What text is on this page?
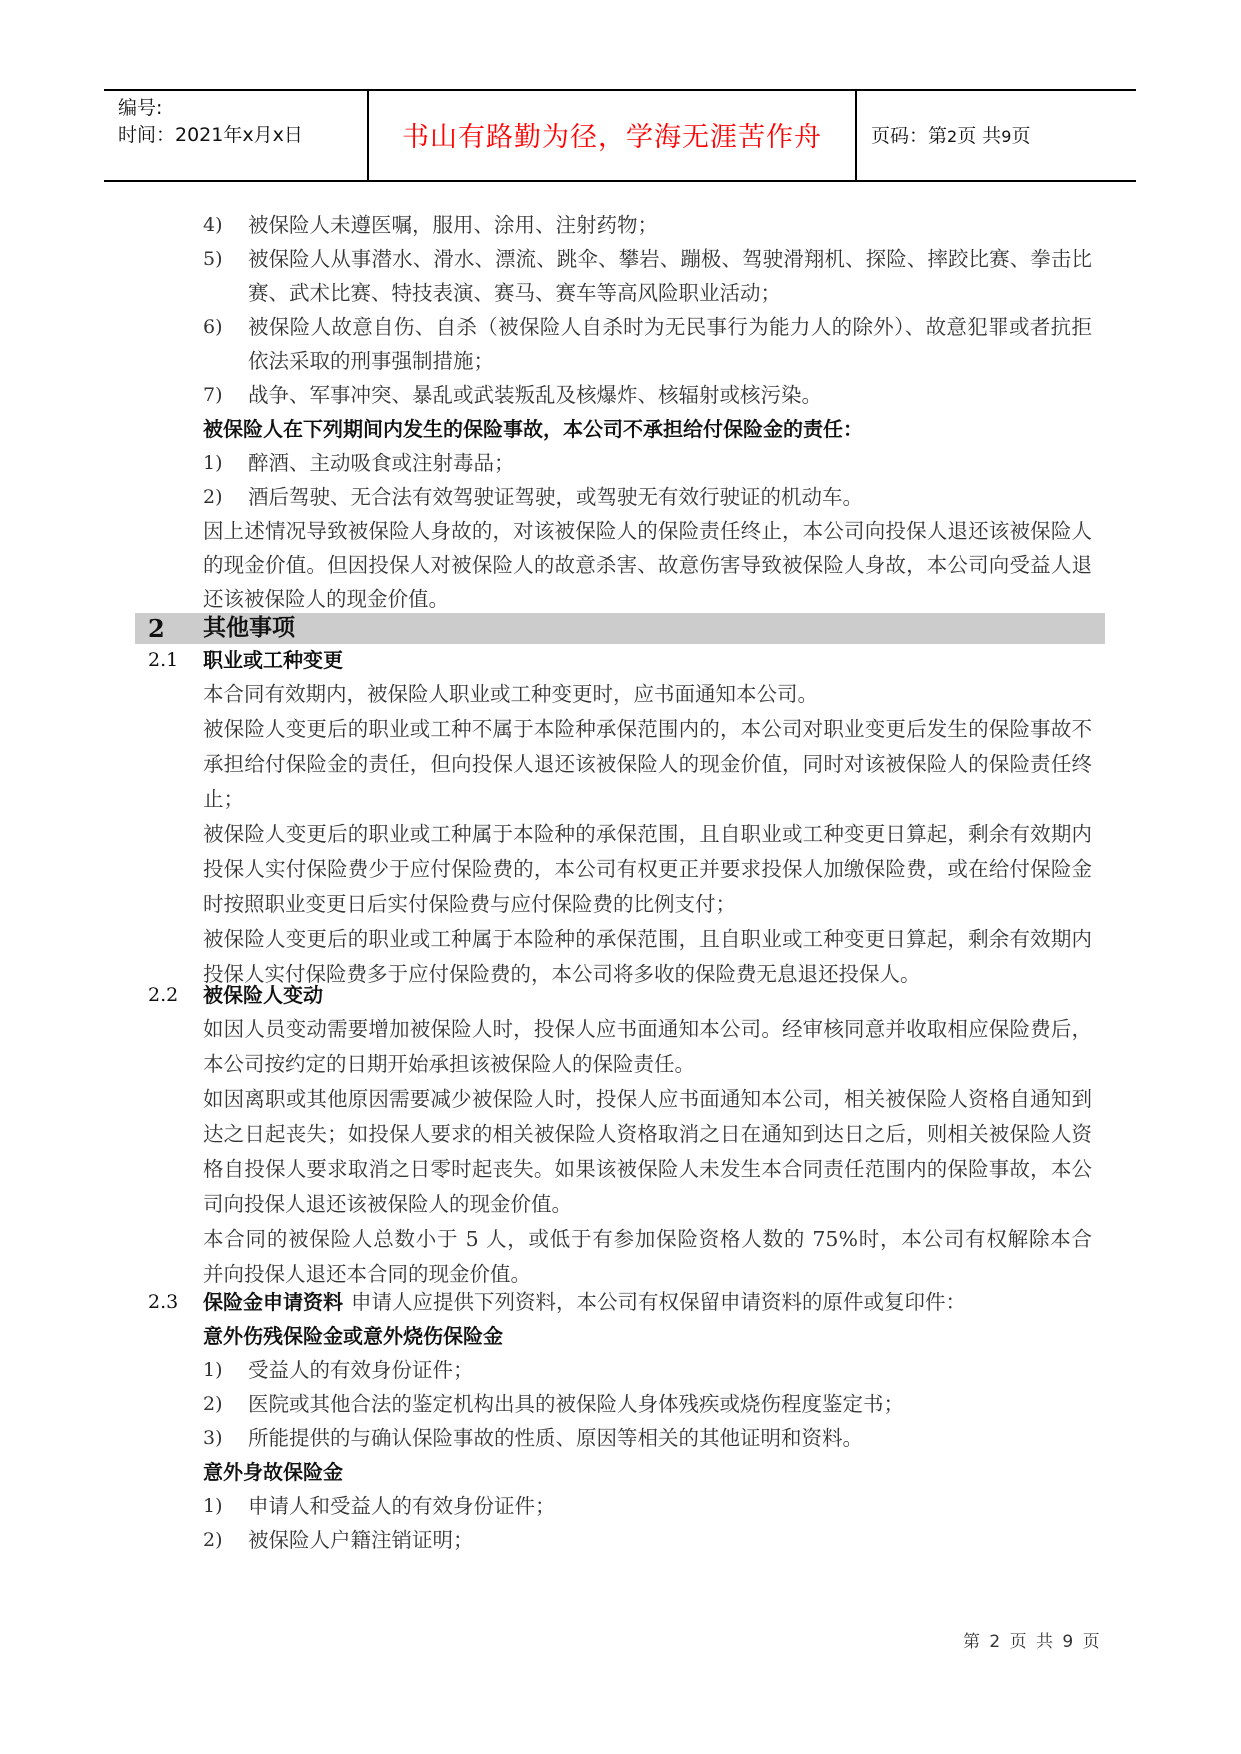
编号:
时间：2021年x月x日	书山有路勤为径，学海无涯苦作舟	页码：第2页 共9页
4) 被保险人未遵医嘱，服用、涂用、注射药物；
5) 被保险人从事潜水、滑水、漂流、跳伞、攀岩、蹦极、驾驶滑翔机、探险、摔跤比赛、拳击比
赛、武术比赛、特技表演、赛马、赛车等高风险职业活动；
6) 被保险人故意自伤、自杀（被保险人自杀时为无民事行为能力人的除外）、故意犯罪或者抗拒
依法采取的刑事强制措施；
7) 战争、军事冲突、暴乱或武装叛乱及核爆炸、核辐射或核污染。
被保险人在下列期间内发生的保险事故，本公司不承担给付保险金的责任：
1) 醉酒、主动吸食或注射毒品；
2) 酒后驾驶、无合法有效驾驶证驾驶，或驾驶无有效行驶证的机动车。
因上述情况导致被保险人身故的，对该被保险人的保险责任终止，本公司向投保人退还该被保险人
的现金价值。但因投保人对被保险人的故意杀害、故意伤害导致被保险人身故，本公司向受益人退
还该被保险人的现金价值。
2 其他事项
2.1 职业或工种变更
本合同有效期内，被保险人职业或工种变更时，应书面通知本公司。
被保险人变更后的职业或工种不属于本险种承保范围内的，本公司对职业变更后发生的保险事故不
承担给付保险金的责任，但向投保人退还该被保险人的现金价值，同时对该被保险人的保险责任终
止；
被保险人变更后的职业或工种属于本险种的承保范围，且自职业或工种变更日算起，剩余有效期内
投保人实付保险费少于应付保险费的，本公司有权更正并要求投保人加缴保险费，或在给付保险金
时按照职业变更日后实付保险费与应付保险费的比例支付；
被保险人变更后的职业或工种属于本险种的承保范围，且自职业或工种变更日算起，剩余有效期内
投保人实付保险费多于应付保险费的，本公司将多收的保险费无息退还投保人。
2.2 被保险人变动
如因人员变动需要增加被保险人时，投保人应书面通知本公司。经审核同意并收取相应保险费后，
本公司按约定的日期开始承担该被保险人的保险责任。
如因离职或其他原因需要减少被保险人时，投保人应书面通知本公司，相关被保险人资格自通知到
达之日起丧失；如投保人要求的相关被保险人资格取消之日在通知到达日之后，则相关被保险人资
格自投保人要求取消之日零时起丧失。如果该被保险人未发生本合同责任范围内的保险事故，本公
司向投保人退还该被保险人的现金价值。
本合同的被保险人总数小于 5 人，或低于有参加保险资格人数的 75%时，本公司有权解除本合
并向投保人退还本合同的现金价值。
2.3 保险金申请资料 申请人应提供下列资料，本公司有权保留申请资料的原件或复印件：
意外伤残保险金或意外烧伤保险金
1) 受益人的有效身份证件；
2) 医院或其他合法的鉴定机构出具的被保险人身体残疾或烧伤程度鉴定书；
3) 所能提供的与确认保险事故的性质、原因等相关的其他证明和资料。
意外身故保险金
1) 申请人和受益人的有效身份证件；
2) 被保险人户籍注销证明；
第 2 页 共 9 页
